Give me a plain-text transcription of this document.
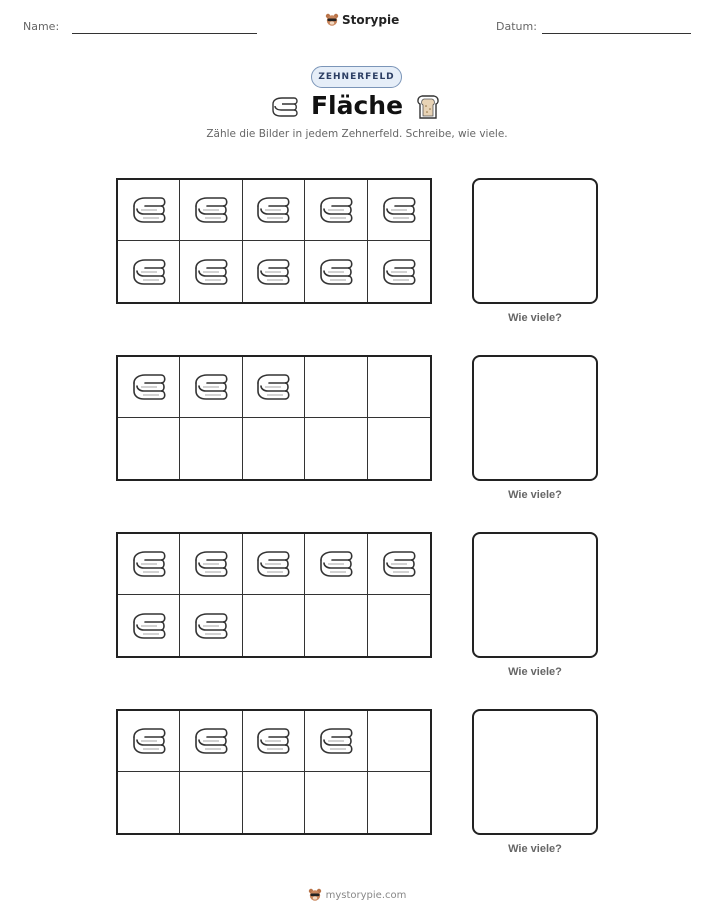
Name:	Storypie	Datum:
ZEHNERFELD
Fläche
Zähle die Bilder in jedem Zehnerfeld. Schreibe, wie viele.
Wie viele?
Wie viele?
Wie viele?
Wie viele?
mystorypie.com
